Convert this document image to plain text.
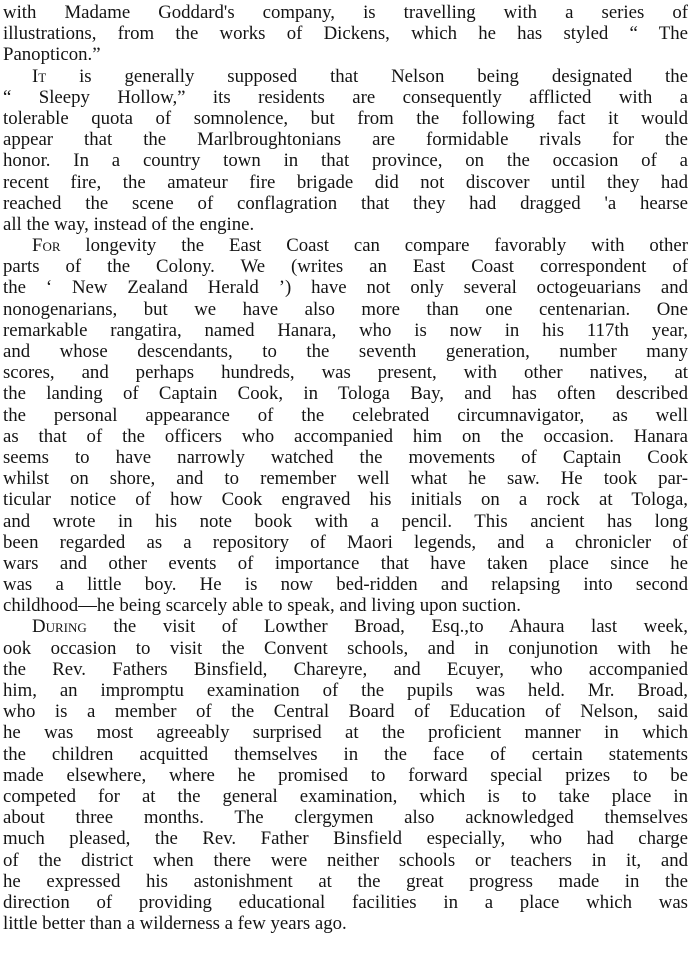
with Madame Goddard's company, is travelling with a series of
illustrations, from the works of Dickens, which he has styled “ The
Panopticon.”
It is generally supposed that Nelson being designated the
“ Sleepy Hollow,” its residents are consequently afflicted with a
tolerable quota of somnolence, but from the following fact it would
appear that the Marlbroughtonians are formidable rivals for the
honor. In a country town in that province, on the occasion of a
recent fire, the amateur fire brigade did not discover until they had
reached the scene of conflagration that they had dragged 'a hearse
all the way, instead of the engine.
For longevity the East Coast can compare favorably with other
parts of the Colony. We (writes an East Coast correspondent of
the ‘ New Zealand Herald ’) have not only several octogeuarians and
nonogenarians, but we have also more than one centenarian. One
remarkable rangatira, named Hanara, who is now in his 117th year,
and whose descendants, to the seventh generation, number many
scores, and perhaps hundreds, was present, with other natives, at
the landing of Captain Cook, in Tologa Bay, and has often described
the personal appearance of the celebrated circumnavigator, as well
as that of the officers who accompanied him on the occasion. Hanara
seems to have narrowly watched the movements of Captain Cook
whilst on shore, and to remember well what he saw. He took par-
ticular notice of how Cook engraved his initials on a rock at Tologa,
and wrote in his note book with a pencil. This ancient has long
been regarded as a repository of Maori legends, and a chronicler of
wars and other events of importance that have taken place since he
was a little boy. He is now bed-ridden and relapsing into second
childhood—he being scarcely able to speak, and living upon suction.
During the visit of Lowther Broad, Esq.,to Ahaura last week,
ook occasion to visit the Convent schools, and in conjunotion with he
the Rev. Fathers Binsfield, Chareyre, and Ecuyer, who accompanied
him, an impromptu examination of the pupils was held. Mr. Broad,
who is a member of the Central Board of Education of Nelson, said
he was most agreeably surprised at the proficient manner in which
the children acquitted themselves in the face of certain statements
made elsewhere, where he promised to forward special prizes to be
competed for at the general examination, which is to take place in
about three months. The clergymen also acknowledged themselves
much pleased, the Rev. Father Binsfield especially, who had charge
of the district when there were neither schools or teachers in it, and
he expressed his astonishment at the great progress made in the
direction of providing educational facilities in a place which was
little better than a wilderness a few years ago.
